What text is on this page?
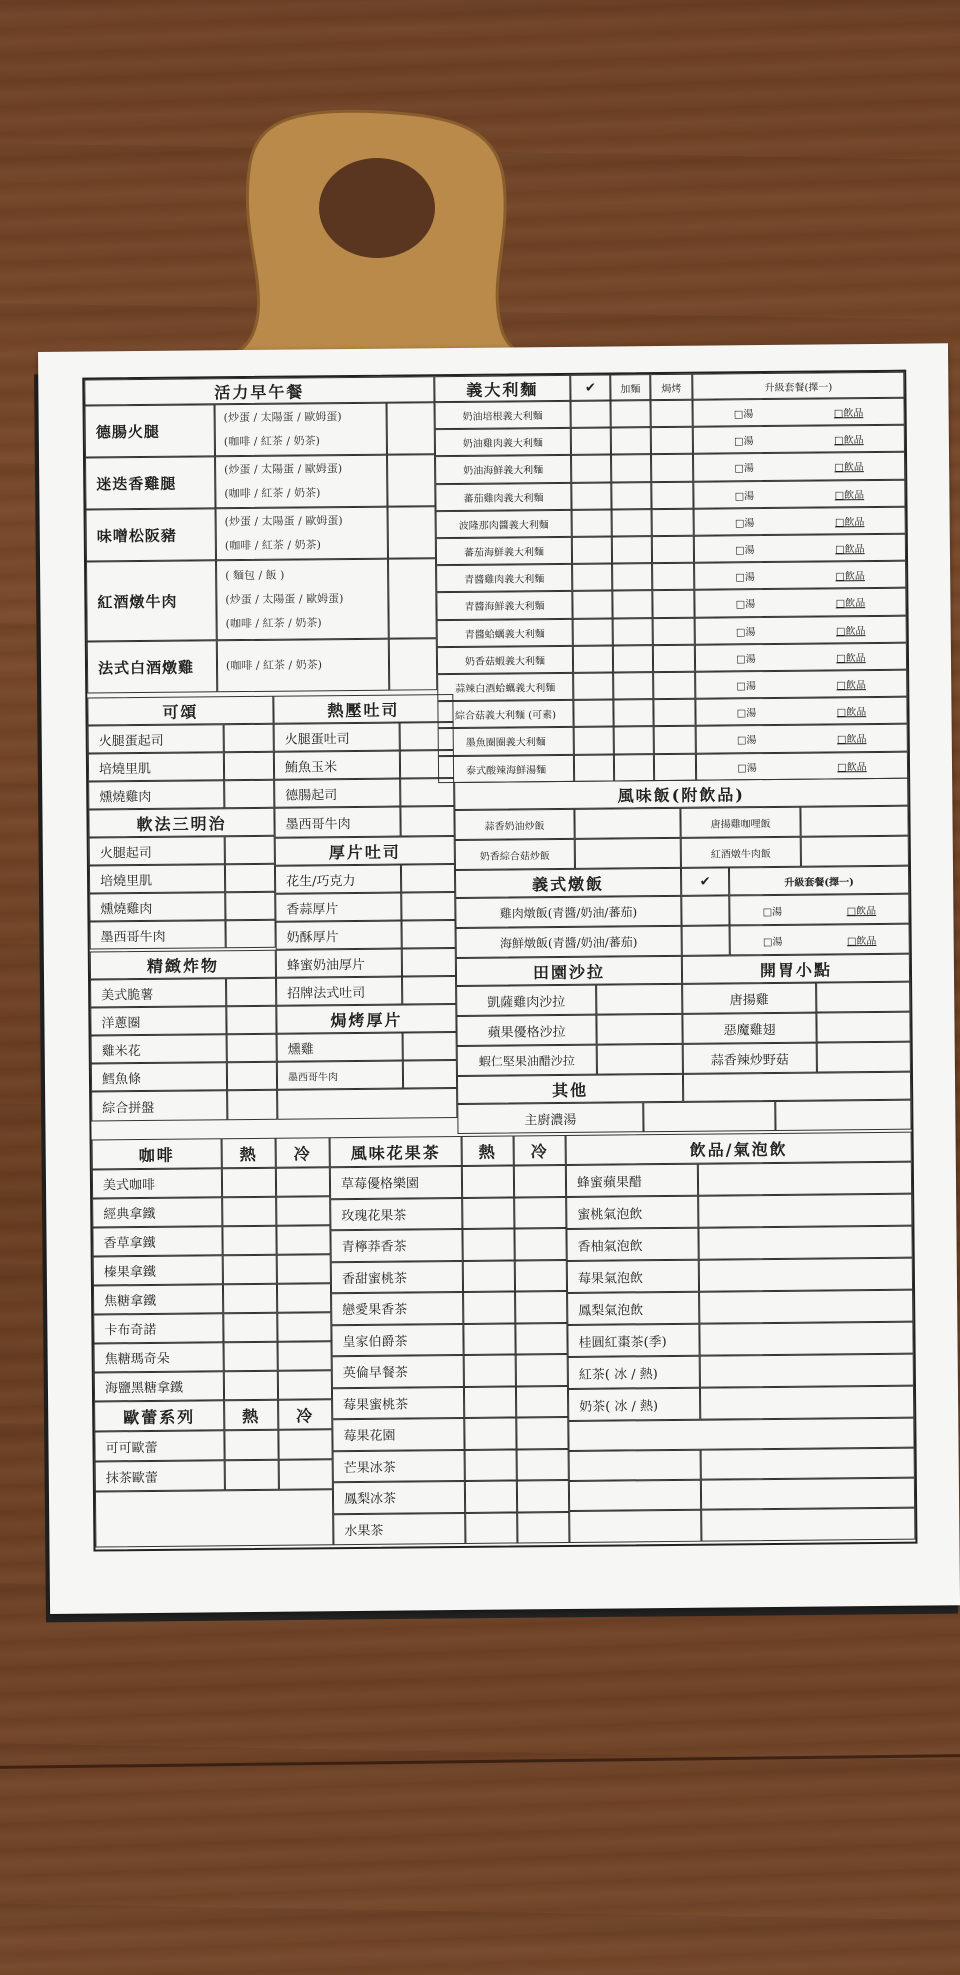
活力早午餐
德腸火腿
(炒蛋 / 太陽蛋 / 歐姆蛋)
(咖啡 / 紅茶 / 奶茶)
迷迭香雞腿
(炒蛋 / 太陽蛋 / 歐姆蛋)
(咖啡 / 紅茶 / 奶茶)
味噌松阪豬
(炒蛋 / 太陽蛋 / 歐姆蛋)
(咖啡 / 紅茶 / 奶茶)
紅酒燉牛肉
( 麵包 / 飯 )
(炒蛋 / 太陽蛋 / 歐姆蛋)
(咖啡 / 紅茶 / 奶茶)
法式白酒燉雞	(咖啡 / 紅茶 / 奶茶)
義大利麵	✔	加麵	焗烤	升級套餐(擇一)
奶油培根義大利麵	□湯	□飲品
奶油雞肉義大利麵	□湯	□飲品
奶油海鮮義大利麵	□湯	□飲品
蕃茄雞肉義大利麵	□湯	□飲品
波隆那肉醬義大利麵	□湯	□飲品
蕃茄海鮮義大利麵	□湯	□飲品
青醬雞肉義大利麵	□湯	□飲品
青醬海鮮義大利麵	□湯	□飲品
青醬蛤蠣義大利麵	□湯	□飲品
奶香菇蝦義大利麵	□湯	□飲品
蒜辣白酒蛤蠣義大利麵	□湯	□飲品
綜合菇義大利麵 (可素)	□湯	□飲品
墨魚圈圈義大利麵	□湯	□飲品
泰式酸辣海鮮湯麵	□湯	□飲品
可頌
火腿蛋起司
培燒里肌
燻燒雞肉
熱壓吐司
火腿蛋吐司
鮪魚玉米
德腸起司
墨西哥牛肉
軟法三明治
火腿起司
培燒里肌
燻燒雞肉
墨西哥牛肉
厚片吐司
花生/巧克力
香蒜厚片
奶酥厚片
蜂蜜奶油厚片
招牌法式吐司
焗烤厚片
燻雞
墨西哥牛肉
精緻炸物
美式脆薯
洋蔥圈
雞米花
鱈魚條
綜合拼盤
風味飯(附飲品)
蒜香奶油炒飯	唐揚雞咖哩飯
奶香綜合菇炒飯	紅酒燉牛肉飯
義式燉飯	✔	升級套餐(擇一)
雞肉燉飯(青醬/奶油/蕃茄)	□湯	□飲品
海鮮燉飯(青醬/奶油/蕃茄)	□湯	□飲品
田園沙拉
凱薩雞肉沙拉
蘋果優格沙拉
蝦仁堅果油醋沙拉
開胃小點
唐揚雞
惡魔雞翅
蒜香辣炒野菇
其他
主廚濃湯
咖啡	熱	冷
美式咖啡
經典拿鐵
香草拿鐵
榛果拿鐵
焦糖拿鐵
卡布奇諾
焦糖瑪奇朵
海鹽黑糖拿鐵
歐蕾系列	熱	冷
可可歐蕾
抹茶歐蕾
風味花果茶	熱	冷
草莓優格樂園
玫瑰花果茶
青檸莽香茶
香甜蜜桃茶
戀愛果香茶
皇家伯爵茶
英倫早餐茶
莓果蜜桃茶
莓果花園
芒果冰茶
鳳梨冰茶
水果茶
飲品/氣泡飲
蜂蜜蘋果醋
蜜桃氣泡飲
香柚氣泡飲
莓果氣泡飲
鳳梨氣泡飲
桂圓紅棗茶(季)
紅茶( 冰 / 熱)
奶茶( 冰 / 熱)
